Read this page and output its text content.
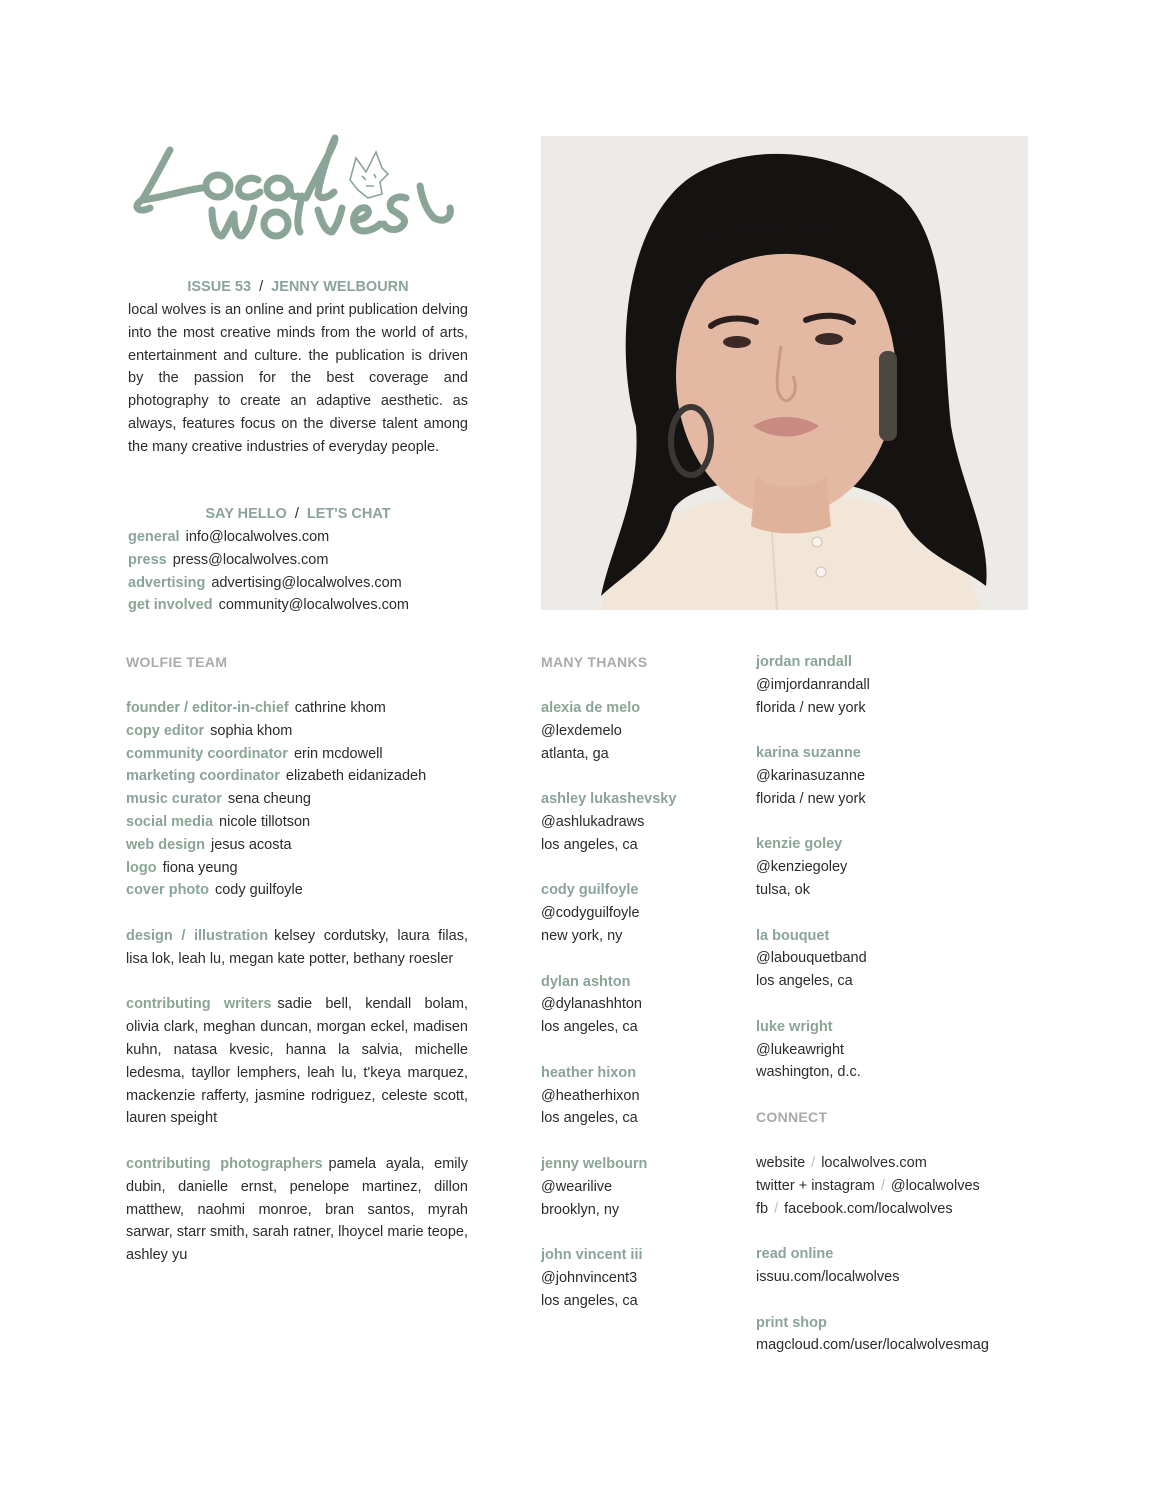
ISSUE 53 / JENNY WELBOURN
local wolves is an online and print publication delving into the most creative minds from the world of arts, entertainment and culture. the publication is driven by the passion for the best coverage and photography to create an adaptive aesthetic. as always, features focus on the diverse talent among the many creative industries of everyday people.
SAY HELLO / LET'S CHAT
general info@localwolves.com
press press@localwolves.com
advertising advertising@localwolves.com
get involved community@localwolves.com
WOLFIE TEAM
founder / editor-in-chief cathrine khom
copy editor sophia khom
community coordinator erin mcdowell
marketing coordinator elizabeth eidanizadeh
music curator sena cheung
social media nicole tillotson
web design jesus acosta
logo fiona yeung
cover photo cody guilfoyle
design / illustration kelsey cordutsky, laura filas, lisa lok, leah lu, megan kate potter, bethany roesler
contributing writers sadie bell, kendall bolam, olivia clark, meghan duncan, morgan eckel, madisen kuhn, natasa kvesic, hanna la salvia, michelle ledesma, tayllor lemphers, leah lu, t'keya marquez, mackenzie rafferty, jasmine rodriguez, celeste scott, lauren speight
contributing photographers pamela ayala, emily dubin, danielle ernst, penelope martinez, dillon matthew, naohmi monroe, bran santos, myrah sarwar, starr smith, sarah ratner, lhoycel marie teope, ashley yu
MANY THANKS
alexia de melo
@lexdemelo
atlanta, ga
ashley lukashevsky
@ashlukadraws
los angeles, ca
cody guilfoyle
@codyguilfoyle
new york, ny
dylan ashton
@dylanashhton
los angeles, ca
heather hixon
@heatherhixon
los angeles, ca
jenny welbourn
@wearilive
brooklyn, ny
john vincent iii
@johnvincent3
los angeles, ca
jordan randall
@imjordanrandall
florida / new york
karina suzanne
@karinasuzanne
florida / new york
kenzie goley
@kenziegoley
tulsa, ok
la bouquet
@labouquetband
los angeles, ca
luke wright
@lukeawright
washington, d.c.
CONNECT
website / localwolves.com
twitter + instagram / @localwolves
fb / facebook.com/localwolves
read online
issuu.com/localwolves
print shop
magcloud.com/user/localwolvesmag
